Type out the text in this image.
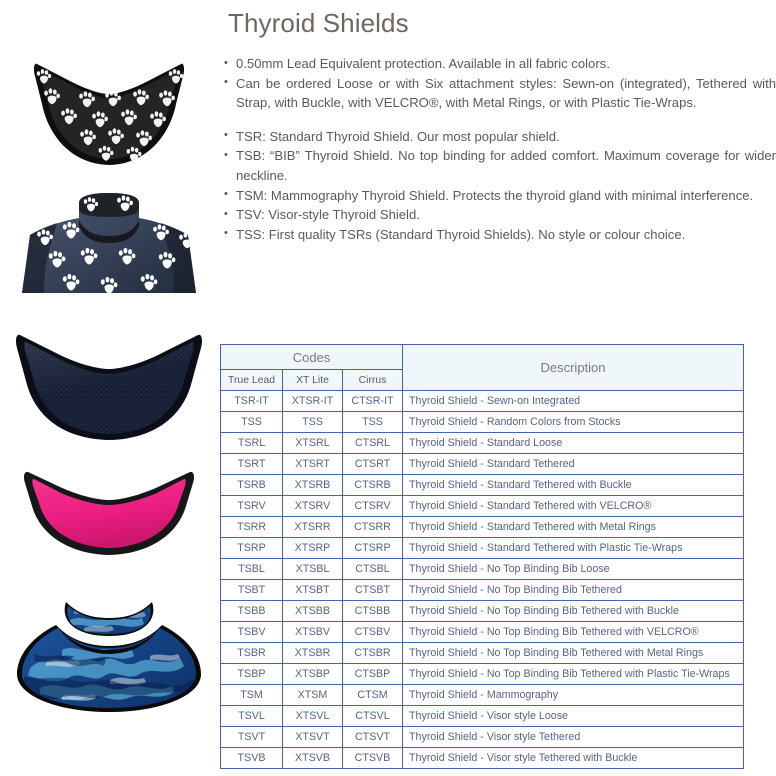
Thyroid Shields
• 0.50mm Lead Equivalent protection. Available in all fabric colors.
• Can be ordered Loose or with Six attachment styles: Sewn-on (integrated), Tethered with Strap, with Buckle, with VELCRO®, with Metal Rings, or with Plastic Tie-Wraps.
• TSR: Standard Thyroid Shield. Our most popular shield.
• TSB: “BIB” Thyroid Shield. No top binding for added comfort. Maximum coverage for wider neckline.
• TSM: Mammography Thyroid Shield. Protects the thyroid gland with minimal interference.
• TSV: Visor-style Thyroid Shield.
• TSS: First quality TSRs (Standard Thyroid Shields). No style or colour choice.
Codes			Description
True Lead	XT Lite	Cirrus	
TSR-IT	XTSR-IT	CTSR-IT	Thyroid Shield - Sewn-on Integrated
TSS	TSS	TSS	Thyroid Shield - Random Colors from Stocks
TSRL	XTSRL	CTSRL	Thyroid Shield - Standard Loose
TSRT	XTSRT	CTSRT	Thyroid Shield - Standard Tethered
TSRB	XTSRB	CTSRB	Thyroid Shield - Standard Tethered with Buckle
TSRV	XTSRV	CTSRV	Thyroid Shield - Standard Tethered with VELCRO®
TSRR	XTSRR	CTSRR	Thyroid Shield - Standard Tethered with Metal Rings
TSRP	XTSRP	CTSRP	Thyroid Shield - Standard Tethered with Plastic Tie-Wraps
TSBL	XTSBL	CTSBL	Thyroid Shield - No Top Binding Bib Loose
TSBT	XTSBT	CTSBT	Thyroid Shield - No Top Binding Bib Tethered
TSBB	XTSBB	CTSBB	Thyroid Shield - No Top Binding Bib Tethered with Buckle
TSBV	XTSBV	CTSBV	Thyroid Shield - No Top Binding Bib Tethered with VELCRO®
TSBR	XTSBR	CTSBR	Thyroid Shield - No Top Binding Bib Tethered with Metal Rings
TSBP	XTSBP	CTSBP	Thyroid Shield - No Top Binding Bib Tethered with Plastic Tie-Wraps
TSM	XTSM	CTSM	Thyroid Shield - Mammography
TSVL	XTSVL	CTSVL	Thyroid Shield - Visor style Loose
TSVT	XTSVT	CTSVT	Thyroid Shield - Visor style Tethered
TSVB	XTSVB	CTSVB	Thyroid Shield - Visor style Tethered with Buckle
